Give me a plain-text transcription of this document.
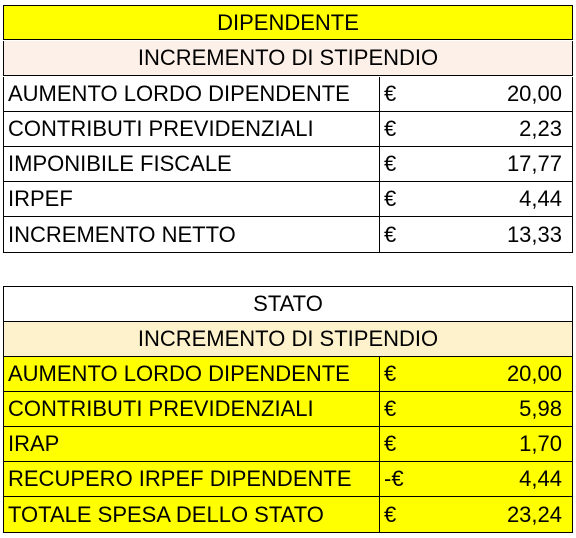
DIPENDENTE
INCREMENTO DI STIPENDIO
AUMENTO LORDO DIPENDENTE	€	20,00
CONTRIBUTI PREVIDENZIALI	€	2,23
IMPONIBILE FISCALE	€	17,77
IRPEF	€	4,44
INCREMENTO NETTO	€	13,33
STATO
INCREMENTO DI STIPENDIO
AUMENTO LORDO DIPENDENTE	€	20,00
CONTRIBUTI PREVIDENZIALI	€	5,98
IRAP	€	1,70
RECUPERO IRPEF DIPENDENTE	-€	4,44
TOTALE SPESA DELLO STATO	€	23,24
